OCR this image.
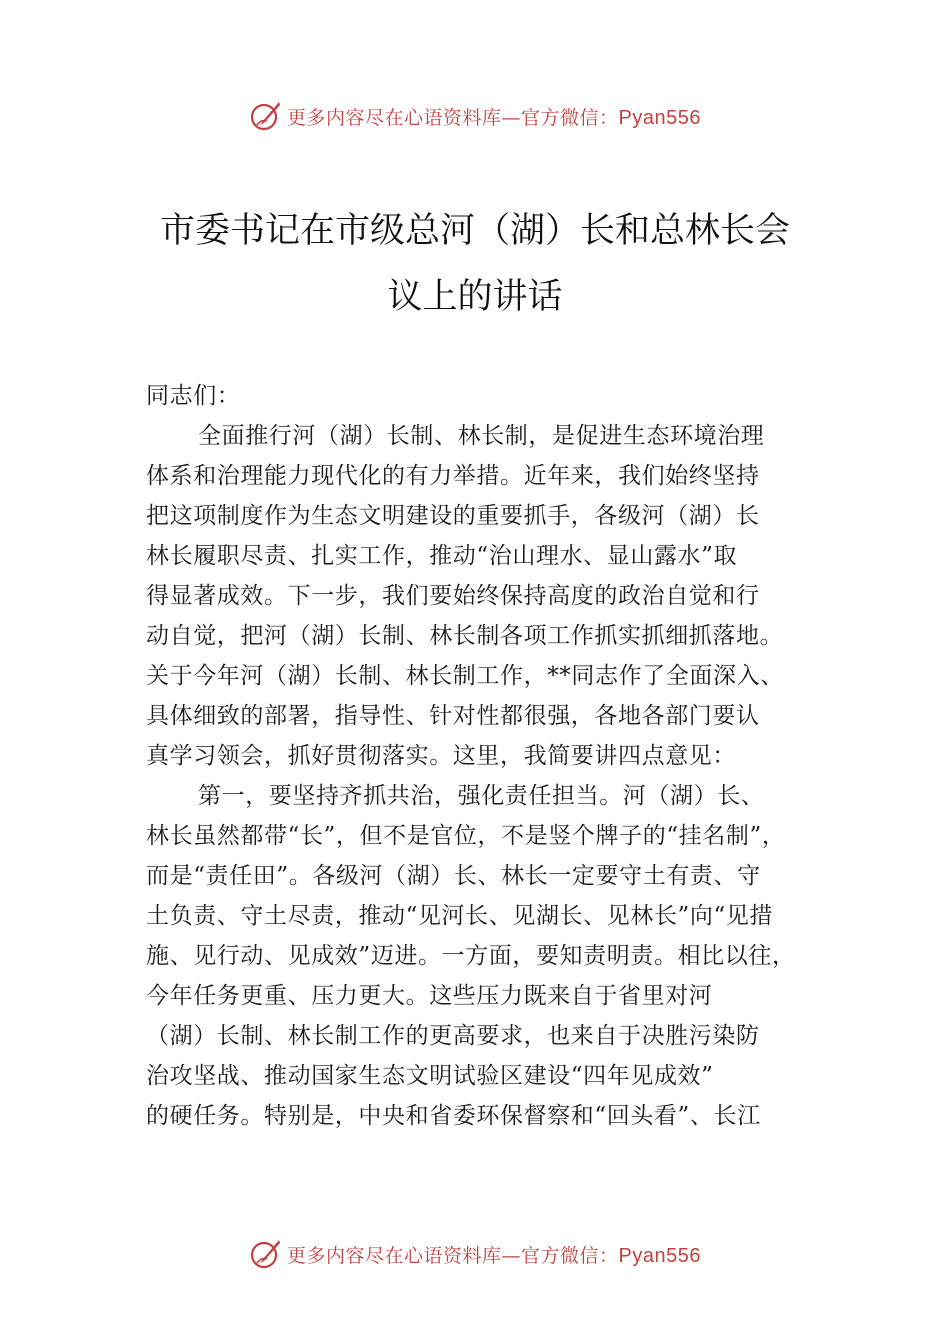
更多内容尽在心语资料库—官方微信：Pyan556
市委书记在市级总河（湖）长和总林长会
议上的讲话
同志们：
全面推行河（湖）长制、林长制，是促进生态环境治理
体系和治理能力现代化的有力举措。近年来，我们始终坚持
把这项制度作为生态文明建设的重要抓手，各级河（湖）长
林长履职尽责、扎实工作，推动“治山理水、显山露水”取
得显著成效。下一步，我们要始终保持高度的政治自觉和行
动自觉，把河（湖）长制、林长制各项工作抓实抓细抓落地。
关于今年河（湖）长制、林长制工作，**同志作了全面深入、
具体细致的部署，指导性、针对性都很强，各地各部门要认
真学习领会，抓好贯彻落实。这里，我简要讲四点意见：
第一，要坚持齐抓共治，强化责任担当。河（湖）长、
林长虽然都带“长”，但不是官位，不是竖个牌子的“挂名制”，
而是“责任田”。各级河（湖）长、林长一定要守土有责、守
土负责、守土尽责，推动“见河长、见湖长、见林长”向“见措
施、见行动、见成效”迈进。一方面，要知责明责。相比以往，
今年任务更重、压力更大。这些压力既来自于省里对河
（湖）长制、林长制工作的更高要求，也来自于决胜污染防
治攻坚战、推动国家生态文明试验区建设“四年见成效”
的硬任务。特别是，中央和省委环保督察和“回头看”、长江
更多内容尽在心语资料库—官方微信：Pyan556
